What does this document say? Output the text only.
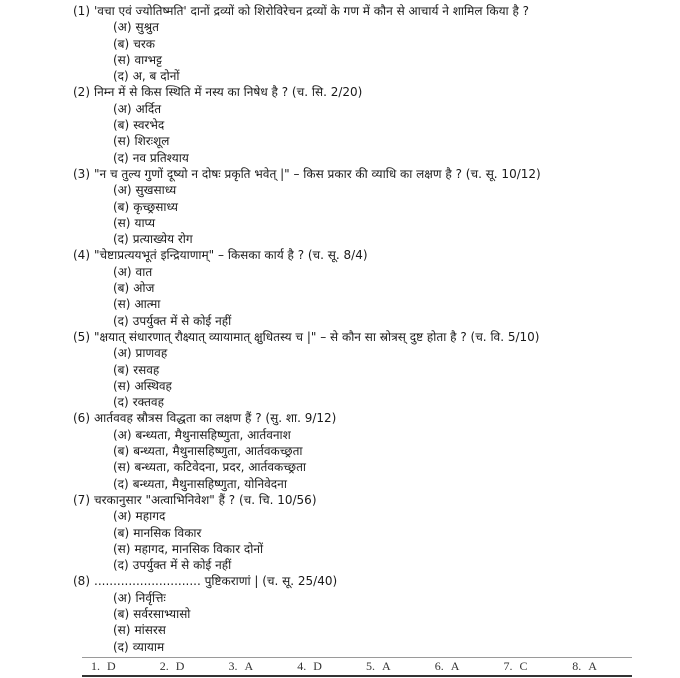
(1) 'वचा एवं ज्योतिष्मति' दानों द्रव्यों को शिरोविरेचन द्रव्यों के गण में कौन से आचार्य ने शामिल किया है ?
(अ) सुश्रुत
(ब) चरक
(स) वाग्भट्ट
(द) अ, ब दोनों
(2) निम्न में से किस स्थिति में नस्य का निषेध है ? (च. सि. 2/20)
(अ) अर्दित
(ब) स्वरभेद
(स) शिरःशूल
(द) नव प्रतिश्याय
(3) "न च तुल्य गुणों दूष्यो न दोषः प्रकृति भवेत् |" – किस प्रकार की व्याधि का लक्षण है ? (च. सू. 10/12)
(अ) सुखसाध्य
(ब) कृच्छ्रसाध्य
(स) याप्य
(द) प्रत्याख्येय रोग
(4) "चेष्टाप्रत्ययभूतं इन्द्रियाणाम्" – किसका कार्य है ? (च. सू. 8/4)
(अ) वात
(ब) ओज
(स) आत्मा
(द) उपर्युक्त में से कोई नहीं
(5) "क्षयात् संधारणात् रौक्ष्यात् व्यायामात् क्षुधितस्य च |" – से कौन सा स्रोत्रस् दुष्ट होता है ? (च. वि. 5/10)
(अ) प्राणवह
(ब) रसवह
(स) अस्थिवह
(द) रक्तवह
(6) आर्तववह स्रौत्रस विद्धता का लक्षण हैं ? (सु. शा. 9/12)
(अ) बन्ध्यता, मैथुनासहिष्णुता, आर्तवनाश
(ब) बन्ध्यता, मैथुनासहिष्णुता, आर्तवकच्छ्रता
(स) बन्ध्यता, कटिवेदना, प्रदर, आर्तवकच्छ्रता
(द) बन्ध्यता, मैथुनासहिष्णुता, योनिवेदना
(7) चरकानुसार "अत्वाभिनिवेश" हैं ? (च. चि. 10/56)
(अ) महागद
(ब) मानसिक विकार
(स) महागद, मानसिक विकार दोनों
(द) उपर्युक्त में से कोई नहीं
(8) ............................ पुष्टिकराणां | (च. सू. 25/40)
(अ) निर्वृत्तिः
(ब) सर्वरसाभ्यासो
(स) मांसरस
(द) व्यायाम
1. D	2. D	3. A	4. D	5. A	6. A	7. C	8. A
